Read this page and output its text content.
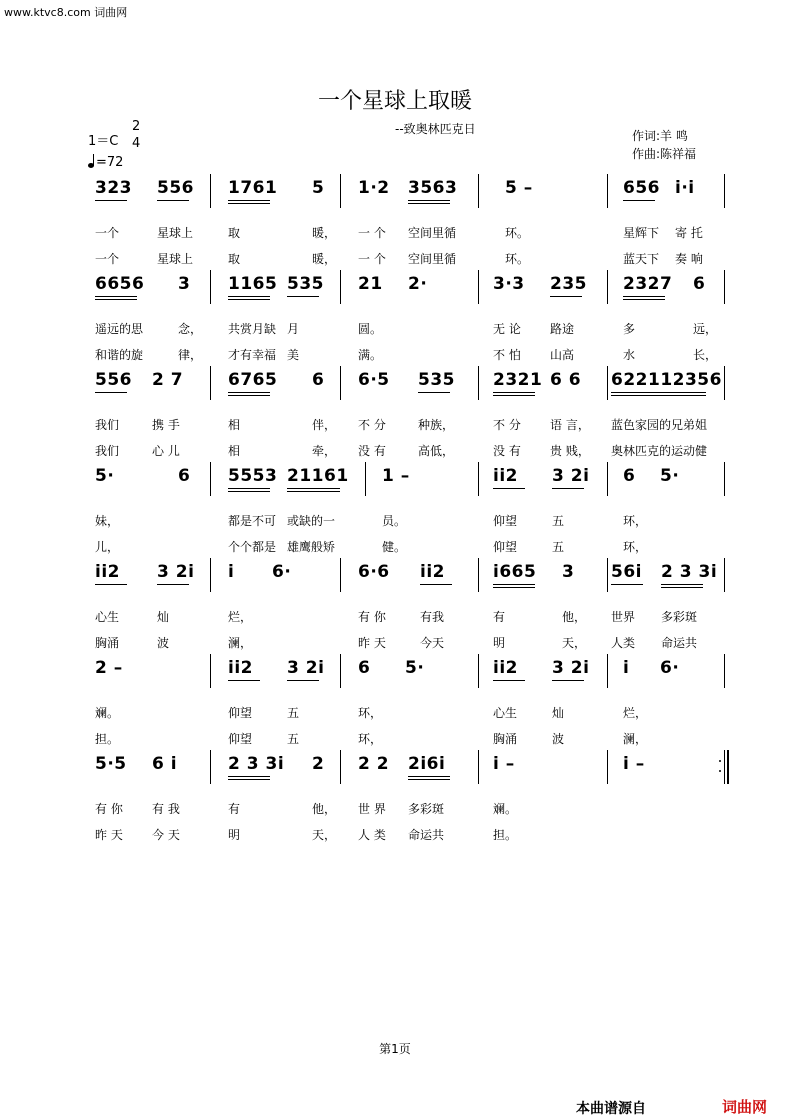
www.ktvc8.com 词曲网
一个星球上取暖
--致奥林匹克日
1＝C
2
4
=72
作词:羊 鸣
作曲:陈祥福
323 556 1761 5 1·2 3563	5 –	656 i·i
一个	星球上	取	暖， 一 个 空间里循	环。	星辉下 寄 托
一个	星球上	取	暖， 一 个 空间里循	环。	蓝天下 奏 响
6656 3 1165 535 21 2·	3·3 235 2327 6
遥远的思	念， 共赏月缺 月	圆。	无 论 路途	多	远，
和谐的旋	律， 才有幸福 美	满。	不 怕 山高	水	长，
556 2 7	6765 6 6·5 535 2321 6 6 622112356
我们	携 手	相	伴， 不 分	种族，	不 分 语 言， 蓝色家园的兄弟姐
我们	心 儿	相	牵， 没 有	高低，	没 有 贵 贱， 奥林匹克的运动健
5·	6 5553 21161 1 –	ii2 3 2i 6 5·
妹，	都是不可 或缺的一	员。	仰望	五	环，
儿，	个个都是 雄鹰般矫	健。	仰望	五	环，
ii2 3 2i i 6·	6·6 ii2	i665 3 56i 2 3 3i
心生	灿	烂，	有 你	有我	有	他， 世界 多彩斑
胸涌	波	澜，	昨 天	今天	明	天， 人类 命运共
2 –	ii2 3 2i 6 5·	ii2 3 2i i 6·
斓。	仰望	五	环，	心生	灿	烂，
担。	仰望	五	环，	胸涌	波	澜，
5·5 6 i	2 3 3i 2 2 2 2i6i	i –	i –
有 你 有 我	有	他， 世 界 多彩斑	斓。
昨 天 今 天	明	天， 人 类 命运共	担。
第1页
本曲谱源自	词曲网
